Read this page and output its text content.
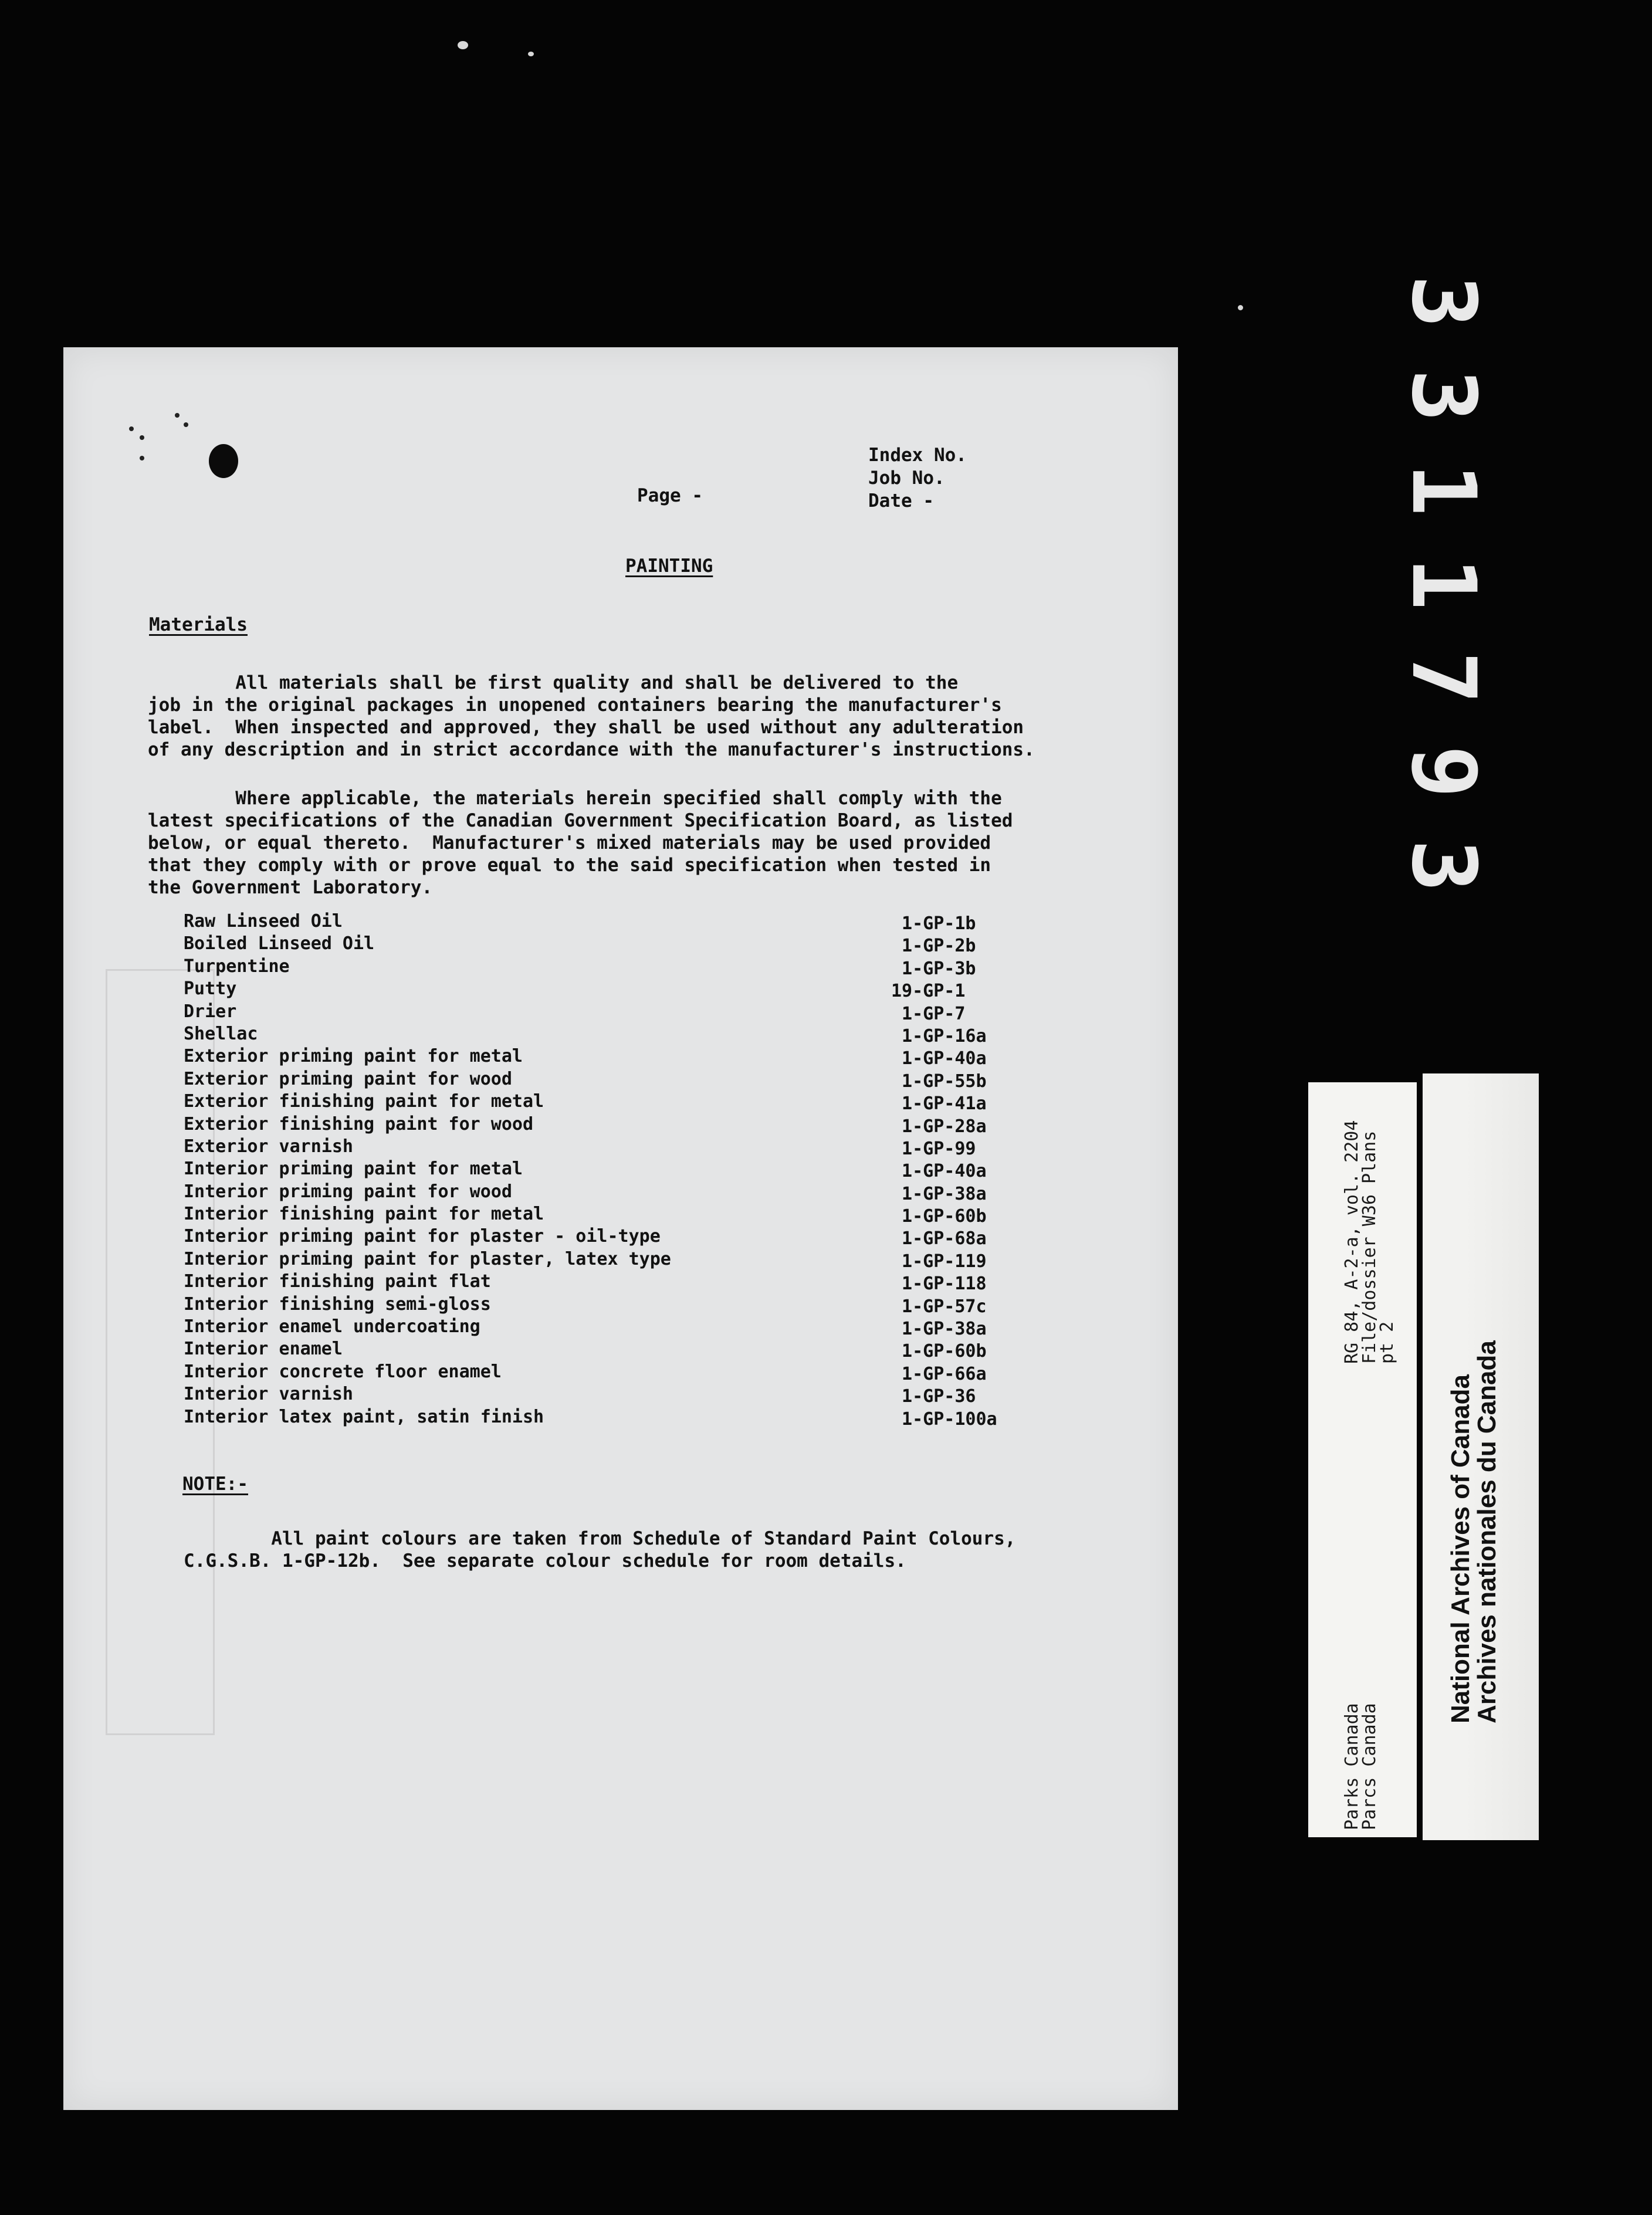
3311793

Index No.
Job No.
Date -
Page -
PAINTING
Materials

All materials shall be first quality and shall be delivered to the
job in the original packages in unopened containers bearing the manufacturer's
label.  When inspected and approved, they shall be used without any adulteration
of any description and in strict accordance with the manufacturer's instructions.

Where applicable, the materials herein specified shall comply with the
latest specifications of the Canadian Government Specification Board, as listed
below, or equal thereto.  Manufacturer's mixed materials may be used provided
that they comply with or prove equal to the said specification when tested in
the Government Laboratory.

Raw Linseed Oil	1-GP-1b
Boiled Linseed Oil	1-GP-2b
Turpentine	1-GP-3b
Putty	19-GP-1
Drier	1-GP-7
Shellac	1-GP-16a
Exterior priming paint for metal	1-GP-40a
Exterior priming paint for wood	1-GP-55b
Exterior finishing paint for metal	1-GP-41a
Exterior finishing paint for wood	1-GP-28a
Exterior varnish	1-GP-99
Interior priming paint for metal	1-GP-40a
Interior priming paint for wood	1-GP-38a
Interior finishing paint for metal	1-GP-60b
Interior priming paint for plaster - oil-type	1-GP-68a
Interior priming paint for plaster, latex type	1-GP-119
Interior finishing paint flat	1-GP-118
Interior finishing semi-gloss	1-GP-57c
Interior enamel undercoating	1-GP-38a
Interior enamel	1-GP-60b
Interior concrete floor enamel	1-GP-66a
Interior varnish	1-GP-36
Interior latex paint, satin finish	1-GP-100a
NOTE:-

All paint colours are taken from Schedule of Standard Paint Colours,
C.G.S.B. 1-GP-12b.  See separate colour schedule for room details.

RG 84, A-2-a, vol. 2204
File/dossier W36 Plans
pt 2
Parks Canada
Parcs Canada
National Archives of Canada
Archives nationales du Canada
